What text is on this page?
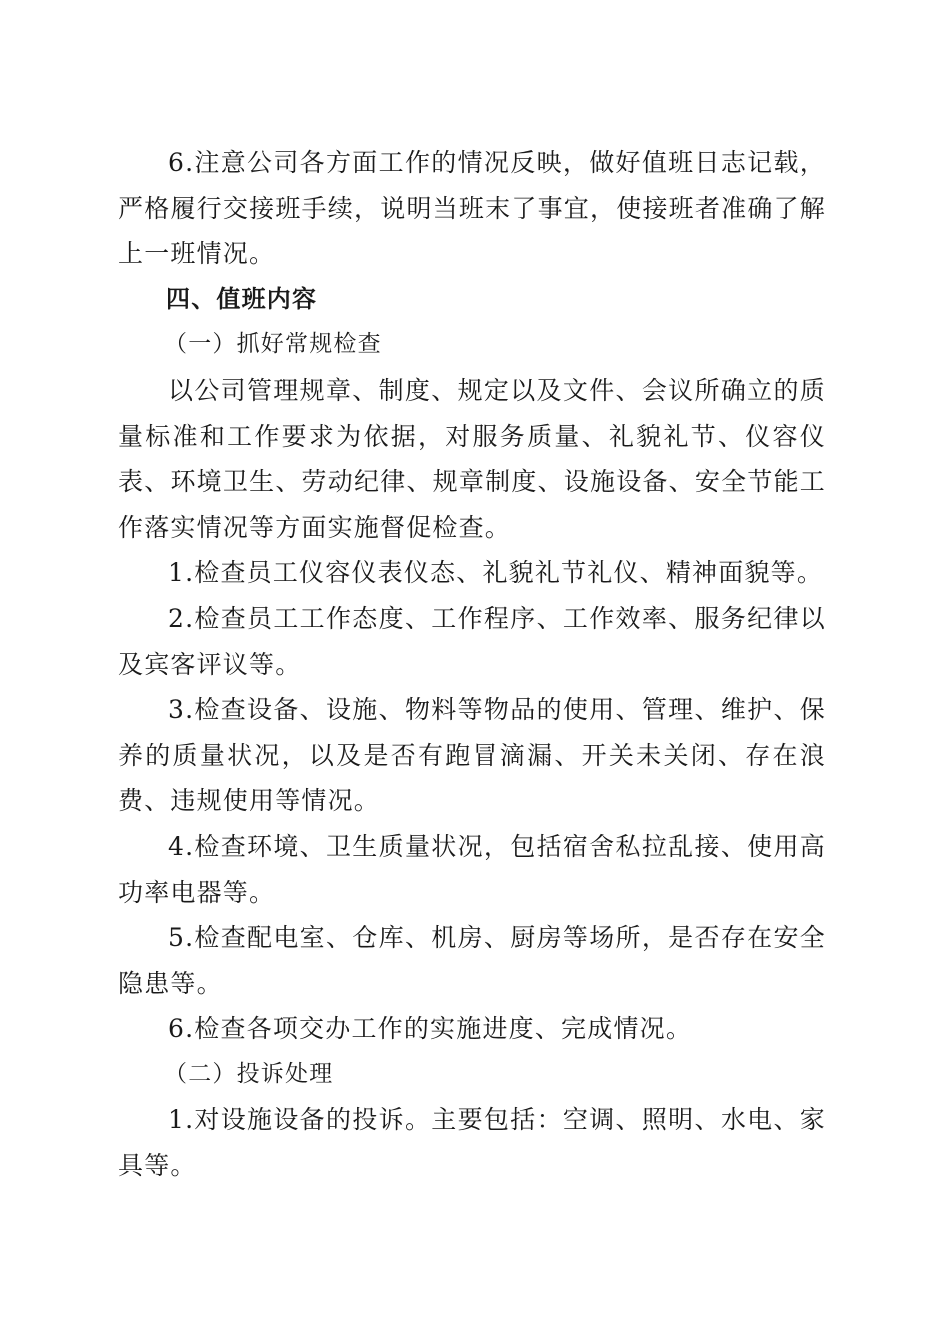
6.注意公司各方面工作的情况反映，做好值班日志记载，严格履行交接班手续，说明当班末了事宜，使接班者准确了解上一班情况。

四、值班内容

（一）抓好常规检查

以公司管理规章、制度、规定以及文件、会议所确立的质量标准和工作要求为依据，对服务质量、礼貌礼节、仪容仪表、环境卫生、劳动纪律、规章制度、设施设备、安全节能工作落实情况等方面实施督促检查。

1.检查员工仪容仪表仪态、礼貌礼节礼仪、精神面貌等。

2.检查员工工作态度、工作程序、工作效率、服务纪律以及宾客评议等。

3.检查设备、设施、物料等物品的使用、管理、维护、保养的质量状况，以及是否有跑冒滴漏、开关未关闭、存在浪费、违规使用等情况。

4.检查环境、卫生质量状况，包括宿舍私拉乱接、使用高功率电器等。

5.检查配电室、仓库、机房、厨房等场所，是否存在安全隐患等。

6.检查各项交办工作的实施进度、完成情况。

（二）投诉处理

1.对设施设备的投诉。主要包括：空调、照明、水电、家具等。
